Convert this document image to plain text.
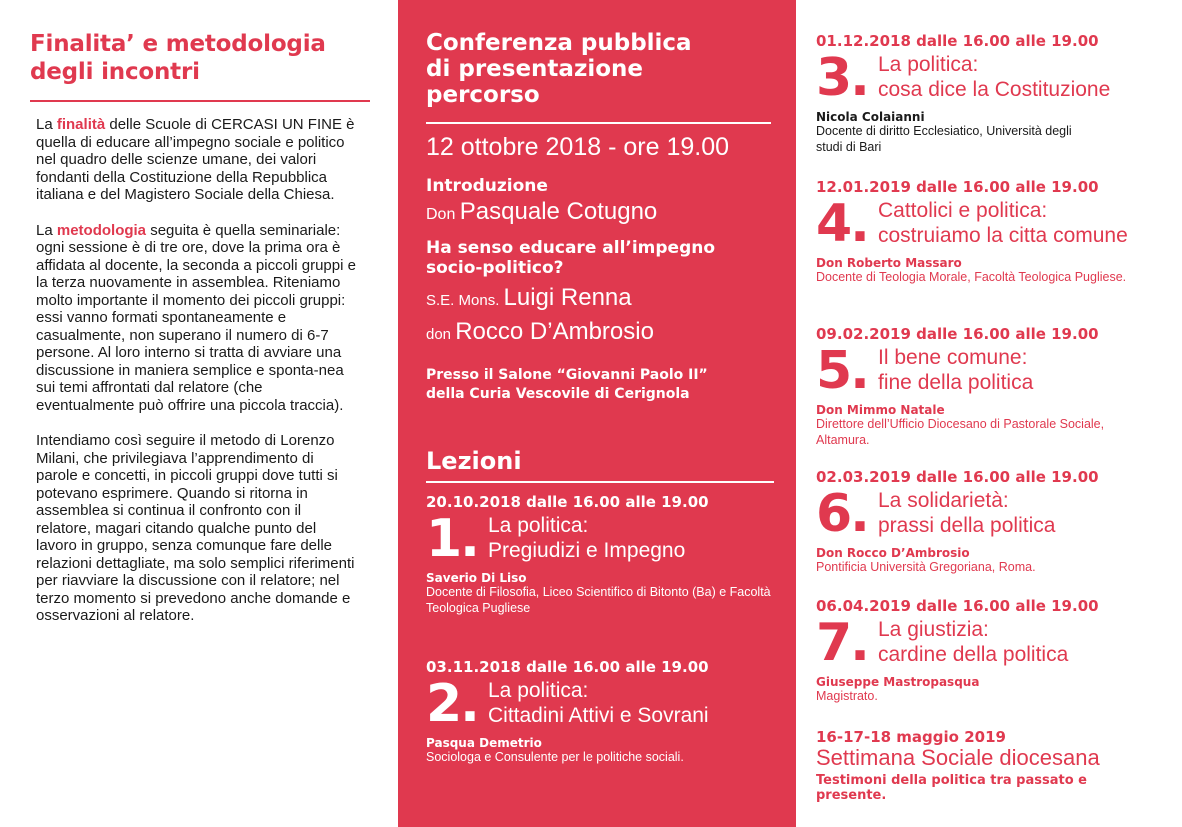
Finalita’ e metodologia
degli incontri

La finalità delle Scuole di CERCASI UN FINE è quella di educare all’impegno sociale e politico nel quadro delle scienze umane, dei valori fondanti della Costituzione della Repubblica italiana e del Magistero Sociale della Chiesa.

La metodologia seguita è quella seminariale: ogni sessione è di tre ore, dove la prima ora è affidata al docente, la seconda a piccoli gruppi e la terza nuovamente in assemblea. Riteniamo molto importante il momento dei piccoli gruppi: essi vanno formati spontaneamente e casualmente, non superano il numero di 6-7 persone. Al loro interno si tratta di avviare una discussione in maniera semplice e sponta-nea sui temi affrontati dal relatore (che eventualmente può offrire una piccola traccia).

Intendiamo così seguire il metodo di Lorenzo Milani, che privilegiava l’apprendimento di parole e concetti, in piccoli gruppi dove tutti si potevano esprimere. Quando si ritorna in assemblea si continua il confronto con il relatore, magari citando qualche punto del lavoro in gruppo, senza comunque fare delle relazioni dettagliate, ma solo semplici riferimenti per riavviare la discussione con il relatore; nel terzo momento si prevedono anche domande e osservazioni al relatore.

Conferenza pubblica
di presentazione
percorso
12 ottobre 2018 - ore 19.00
Introduzione
Don Pasquale Cotugno
Ha senso educare all’impegno
socio-politico?
S.E. Mons. Luigi Renna
don Rocco D’Ambrosio
Presso il Salone “Giovanni Paolo II”
della Curia Vescovile di Cerignola
Lezioni
20.10.2018 dalle 16.00 alle 19.00
1. La politica:
Pregiudizi e Impegno
Saverio Di Liso
Docente di Filosofia, Liceo Scientifico di Bitonto (Ba) e Facoltà Teologica Pugliese
03.11.2018 dalle 16.00 alle 19.00
2. La politica:
Cittadini Attivi e Sovrani
Pasqua Demetrio
Sociologa e Consulente per le politiche sociali.
01.12.2018 dalle 16.00 alle 19.00
3. La politica:
cosa dice la Costituzione
Nicola Colaianni
Docente di diritto Ecclesiatico, Università degli studi di Bari
12.01.2019 dalle 16.00 alle 19.00
4. Cattolici e politica:
costruiamo la citta comune
Don Roberto Massaro
Docente di Teologia Morale, Facoltà Teologica Pugliese.
09.02.2019 dalle 16.00 alle 19.00
5. Il bene comune:
fine della politica
Don Mimmo Natale
Direttore dell’Ufficio Diocesano di Pastorale Sociale, Altamura.
02.03.2019 dalle 16.00 alle 19.00
6. La solidarietà:
prassi della politica
Don Rocco D’Ambrosio
Pontificia Università Gregoriana, Roma.
06.04.2019 dalle 16.00 alle 19.00
7. La giustizia:
cardine della politica
Giuseppe Mastropasqua
Magistrato.
16-17-18 maggio 2019
Settimana Sociale diocesana
Testimoni della politica tra passato e presente.
